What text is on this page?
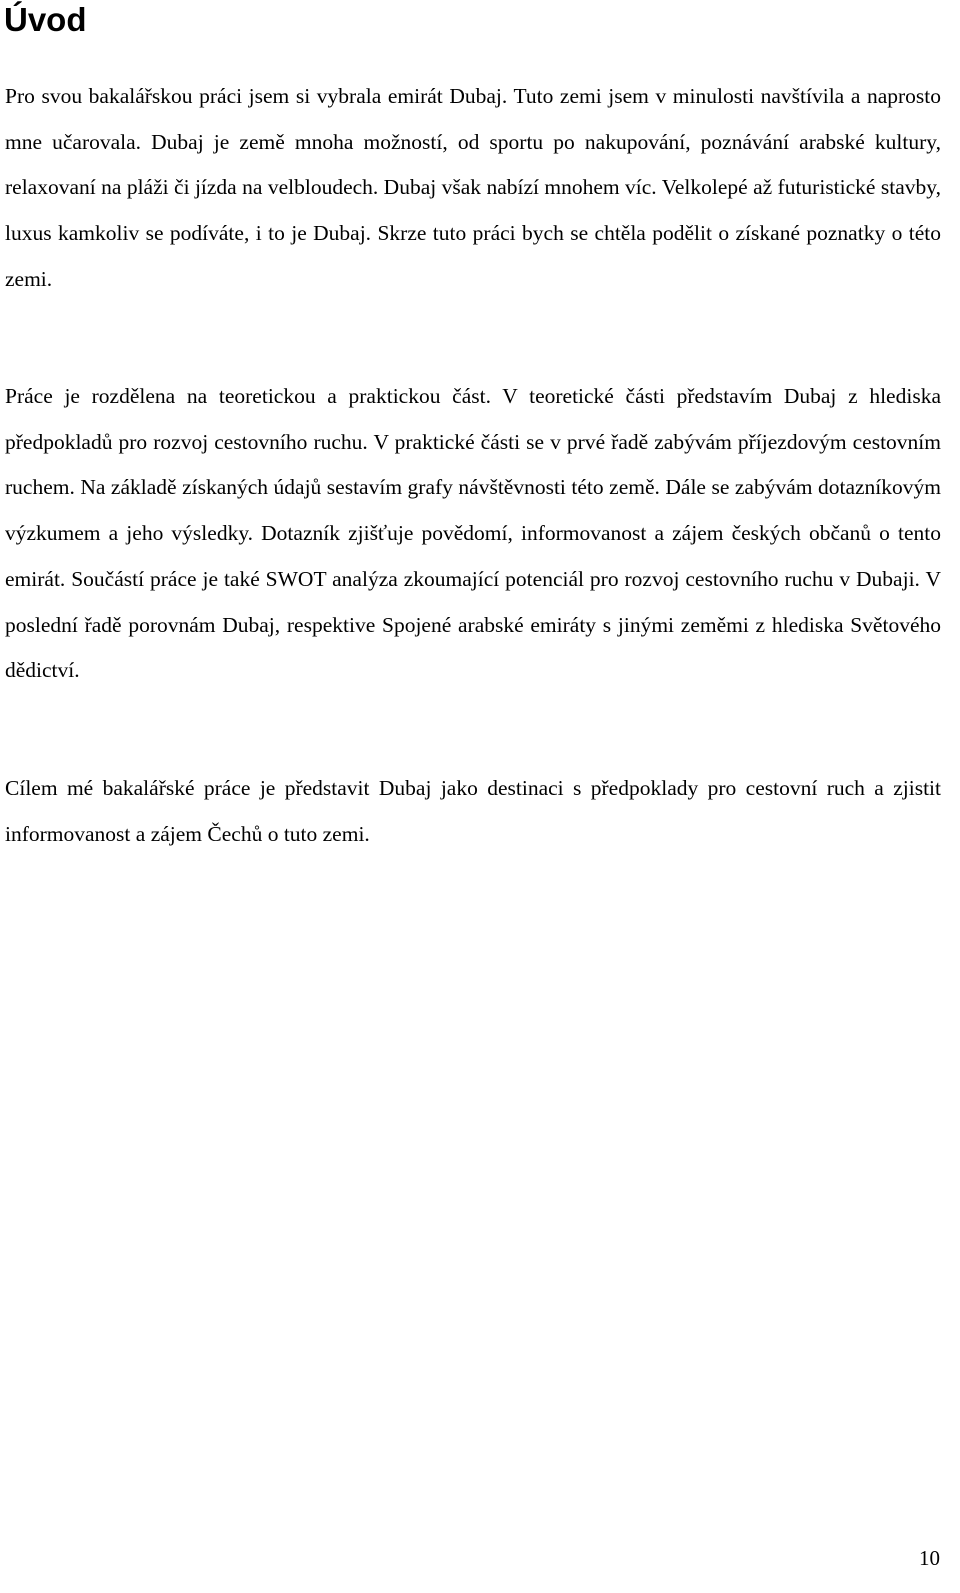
Úvod

Pro svou bakalářskou práci jsem si vybrala emirát Dubaj. Tuto zemi jsem v minulosti navštívila a naprosto mne učarovala. Dubaj je země mnoha možností, od sportu po nakupování, poznávání arabské kultury, relaxovaní na pláži či jízda na velbloudech. Dubaj však nabízí mnohem víc. Velkolepé až futuristické stavby, luxus kamkoliv se podíváte, i to je Dubaj. Skrze tuto práci bych se chtěla podělit o získané poznatky o této zemi.

Práce je rozdělena na teoretickou a praktickou část. V teoretické části představím Dubaj z hlediska předpokladů pro rozvoj cestovního ruchu. V praktické části se v prvé řadě zabývám příjezdovým cestovním ruchem. Na základě získaných údajů sestavím grafy návštěvnosti této země. Dále se zabývám dotazníkovým výzkumem a jeho výsledky. Dotazník zjišťuje povědomí, informovanost a zájem českých občanů o tento emirát. Součástí práce je také SWOT analýza zkoumající potenciál pro rozvoj cestovního ruchu v Dubaji. V poslední řadě porovnám Dubaj, respektive Spojené arabské emiráty s jinými zeměmi z hlediska Světového dědictví.

Cílem mé bakalářské práce je představit Dubaj jako destinaci s předpoklady pro cestovní ruch a zjistit informovanost a zájem Čechů o tuto zemi.

10
